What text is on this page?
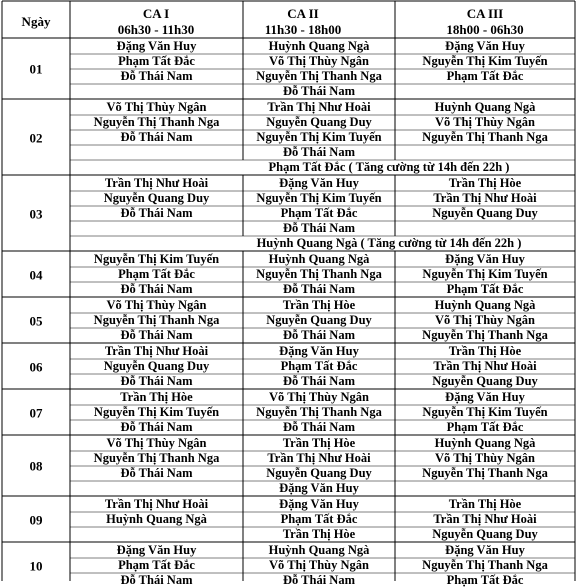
Ngày
CA I
06h30 - 11h30
CA II
11h30 - 18h00
CA III
18h00 - 06h30
Đặng Văn Huy
Phạm Tất Đắc
Đỗ Thái Nam
Huỳnh Quang Ngà
Võ Thị Thùy Ngân
Nguyễn Thị Thanh Nga
Đỗ Thái Nam
Đặng Văn Huy
Nguyễn Thị Kim Tuyến
Phạm Tất Đắc
01
Võ Thị Thùy Ngân
Nguyễn Thị Thanh Nga
Đỗ Thái Nam
Trần Thị Như Hoài
Nguyễn Quang Duy
Nguyễn Thị Kim Tuyến
Đỗ Thái Nam
Huỳnh Quang Ngà
Võ Thị Thùy Ngân
Nguyễn Thị Thanh Nga
Phạm Tất Đắc ( Tăng cường từ 14h đến 22h )
02
Trần Thị Như Hoài
Nguyễn Quang Duy
Đỗ Thái Nam
Đặng Văn Huy
Nguyễn Thị Kim Tuyến
Phạm Tất Đắc
Đỗ Thái Nam
Trần Thị Hòe
Trần Thị Như Hoài
Nguyễn Quang Duy
Huỳnh Quang Ngà ( Tăng cường từ 14h đến 22h )
03
Nguyễn Thị Kim Tuyến
Phạm Tất Đắc
Đỗ Thái Nam
Huỳnh Quang Ngà
Nguyễn Thị Thanh Nga
Đỗ Thái Nam
Đặng Văn Huy
Nguyễn Thị Kim Tuyến
Phạm Tất Đắc
04
Võ Thị Thùy Ngân
Nguyễn Thị Thanh Nga
Đỗ Thái Nam
Trần Thị Hòe
Nguyễn Quang Duy
Đỗ Thái Nam
Huỳnh Quang Ngà
Võ Thị Thùy Ngân
Nguyễn Thị Thanh Nga
05
Trần Thị Như Hoài
Nguyễn Quang Duy
Đỗ Thái Nam
Đặng Văn Huy
Phạm Tất Đắc
Đỗ Thái Nam
Trần Thị Hòe
Trần Thị Như Hoài
Nguyễn Quang Duy
06
Trần Thị Hòe
Nguyễn Thị Kim Tuyến
Đỗ Thái Nam
Võ Thị Thùy Ngân
Nguyễn Thị Thanh Nga
Đỗ Thái Nam
Đặng Văn Huy
Nguyễn Thị Kim Tuyến
Phạm Tất Đắc
07
Võ Thị Thùy Ngân
Nguyễn Thị Thanh Nga
Đỗ Thái Nam
Trần Thị Hòe
Trần Thị Như Hoài
Nguyễn Quang Duy
Đặng Văn Huy
Huỳnh Quang Ngà
Võ Thị Thùy Ngân
Nguyễn Thị Thanh Nga
08
Trần Thị Như Hoài
Huỳnh Quang Ngà
Đặng Văn Huy
Phạm Tất Đắc
Trần Thị Hòe
Trần Thị Hòe
Trần Thị Như Hoài
Nguyễn Quang Duy
09
Đặng Văn Huy
Phạm Tất Đắc
Đỗ Thái Nam
Huỳnh Quang Ngà
Võ Thị Thùy Ngân
Đỗ Thái Nam
Đặng Văn Huy
Nguyễn Thị Thanh Nga
Phạm Tất Đắc
10
